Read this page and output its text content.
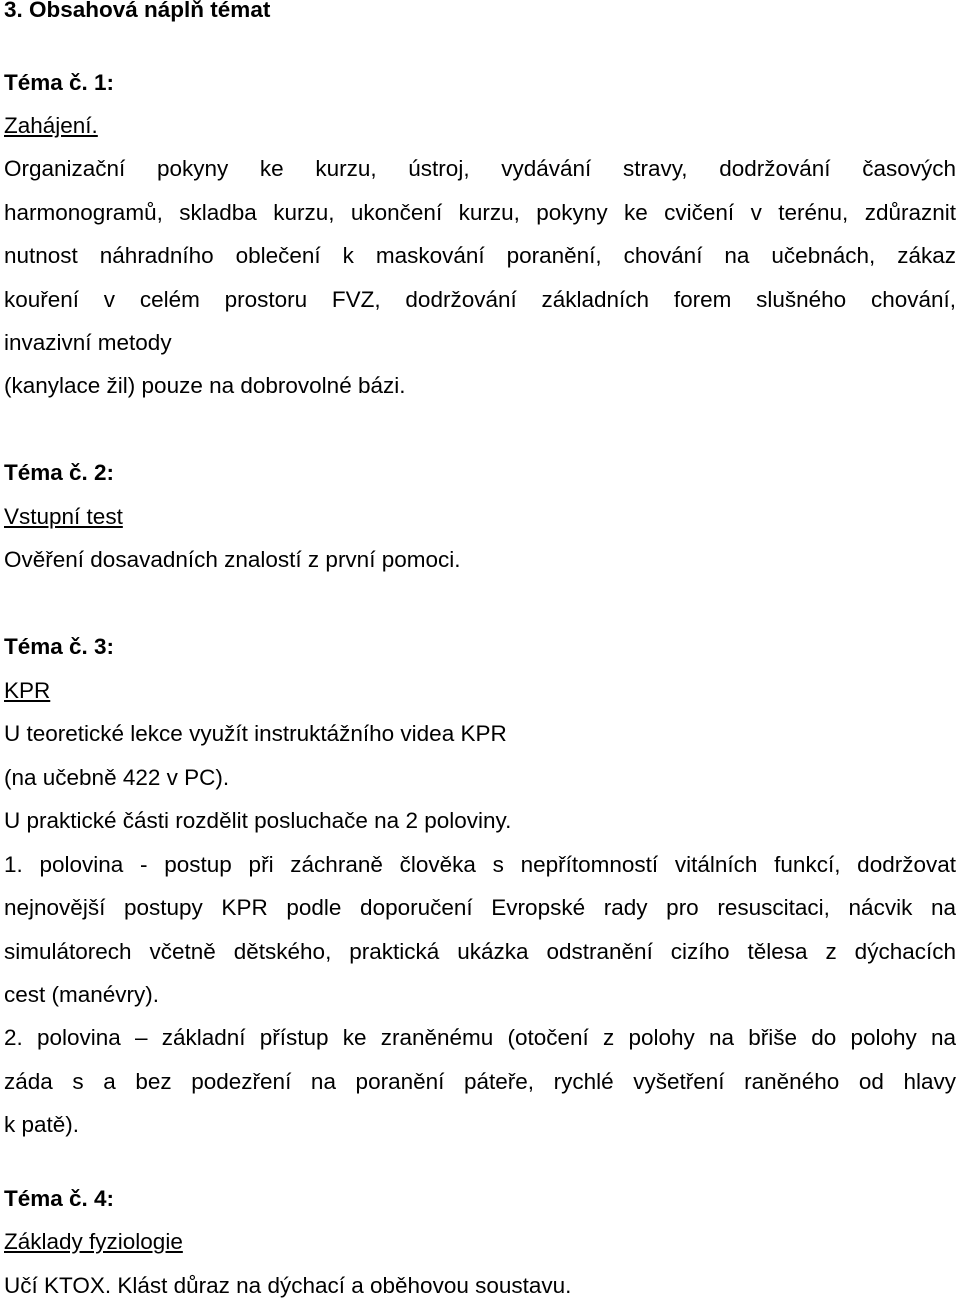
3. Obsahová náplň témat
Téma č. 1:
Zahájení.
Organizační pokyny ke kurzu, ústroj, vydávání stravy, dodržování časových
harmonogramů, skladba kurzu, ukončení kurzu, pokyny ke cvičení v terénu, zdůraznit
nutnost náhradního oblečení k maskování poranění, chování na učebnách, zákaz
kouření v celém prostoru FVZ, dodržování základních forem slušného chování,
invazivní metody
(kanylace žil) pouze na dobrovolné bázi.
Téma č. 2:
Vstupní test
Ověření dosavadních znalostí z první pomoci.
Téma č. 3:
KPR
U teoretické lekce využít instruktážního videa KPR
(na učebně 422 v PC).
U praktické části rozdělit posluchače na 2 poloviny.
1. polovina - postup při záchraně člověka s nepřítomností vitálních funkcí, dodržovat
nejnovější postupy KPR podle doporučení Evropské rady pro resuscitaci, nácvik na
simulátorech včetně dětského, praktická ukázka odstranění cizího tělesa z dýchacích
cest (manévry).
2. polovina – základní přístup ke zraněnému (otočení z polohy na břiše do polohy na
záda s a bez podezření na poranění páteře, rychlé vyšetření raněného od hlavy
k patě).
Téma č. 4:
Základy fyziologie
Učí KTOX. Klást důraz na dýchací a oběhovou soustavu.
